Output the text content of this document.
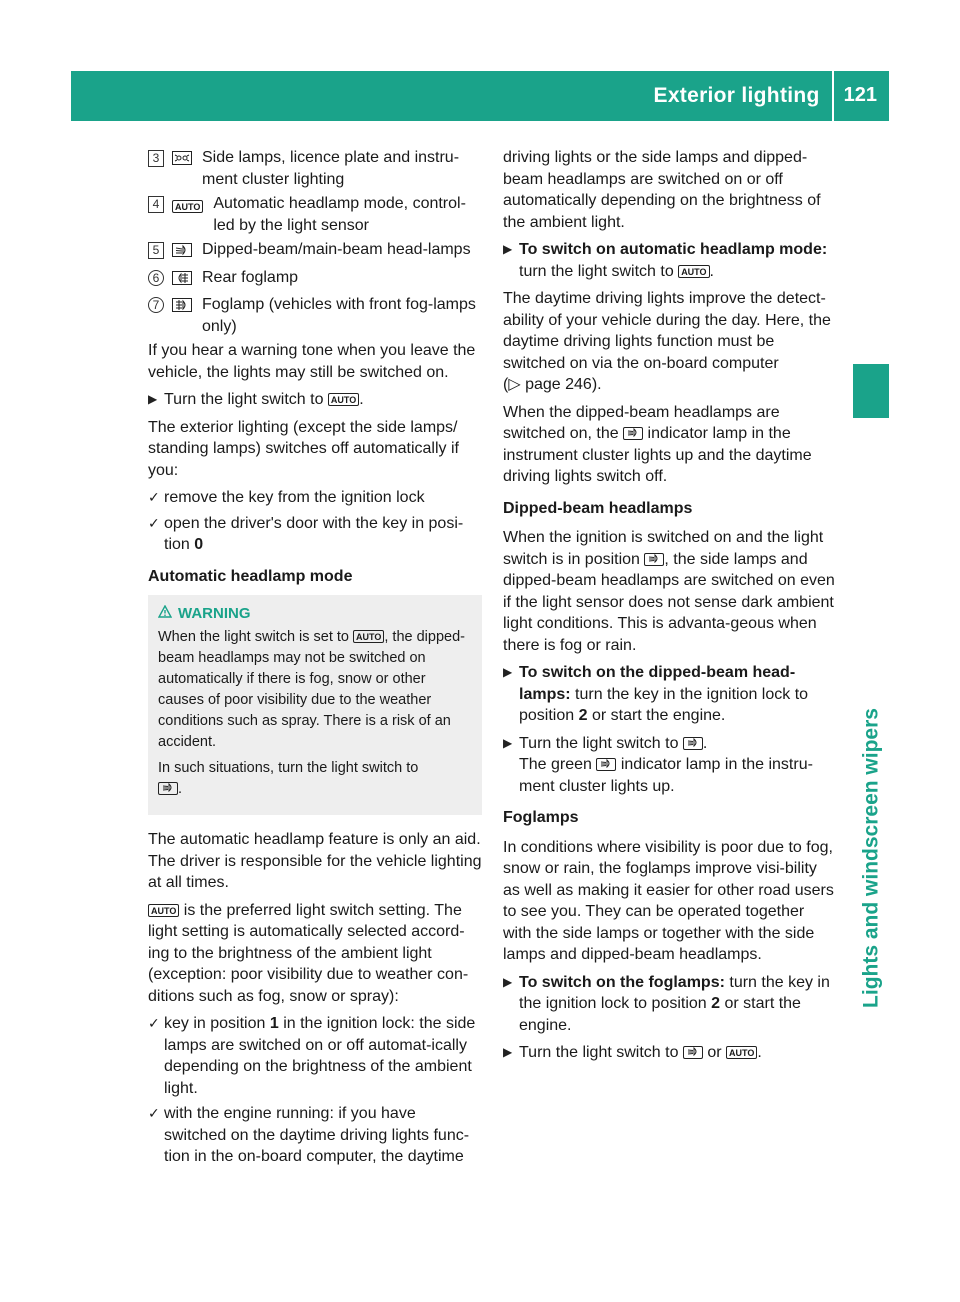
Exterior lighting	121
Lights and windscreen wipers
3	Side lamps, licence plate and instru-ment cluster lighting
4	AUTO Automatic headlamp mode, control-led by the light sensor
5	Dipped-beam/main-beam head-lamps
6	Rear foglamp
7	Foglamp (vehicles with front fog-lamps only)

If you hear a warning tone when you leave the vehicle, the lights may still be switched on.

▶ Turn the light switch to AUTO .

The exterior lighting (except the side lamps/ standing lamps) switches off automatically if you:

✓ remove the key from the ignition lock
✓ open the driver's door with the key in posi-tion 0
Automatic headlamp mode
WARNING

When the light switch is set to AUTO , the dipped-beam headlamps may not be switched on automatically if there is fog, snow or other causes of poor visibility due to the weather conditions such as spray. There is a risk of an accident.

In such situations, turn the light switch to
.

The automatic headlamp feature is only an aid. The driver is responsible for the vehicle lighting at all times.

AUTO is the preferred light switch setting. The light setting is automatically selected accord-ing to the brightness of the ambient light (exception: poor visibility due to weather con-ditions such as fog, snow or spray):

✓ key in position 1 in the ignition lock: the side lamps are switched on or off automat-ically depending on the brightness of the ambient light.
✓ with the engine running: if you have switched on the daytime driving lights func-tion in the on-board computer, the daytime

driving lights or the side lamps and dipped-beam headlamps are switched on or off automatically depending on the brightness of the ambient light.

▶ To switch on automatic headlamp mode: turn the light switch to AUTO .

The daytime driving lights improve the detect-ability of your vehicle during the day. Here, the daytime driving lights function must be switched on via the on-board computer
(▷ page 246).

When the dipped-beam headlamps are switched on, the  indicator lamp in the instrument cluster lights up and the daytime driving lights switch off.

Dipped-beam headlamps

When the ignition is switched on and the light switch is in position , the side lamps and dipped-beam headlamps are switched on even if the light sensor does not sense dark ambient light conditions. This is advanta-geous when there is fog or rain.

▶ To switch on the dipped-beam head-lamps: turn the key in the ignition lock to position 2 or start the engine.
▶ Turn the light switch to .
The green  indicator lamp in the instru-ment cluster lights up.
Foglamps

In conditions where visibility is poor due to fog, snow or rain, the foglamps improve visi-bility as well as making it easier for other road users to see you. They can be operated together with the side lamps or together with the side lamps and dipped-beam headlamps.

▶ To switch on the foglamps: turn the key in the ignition lock to position 2 or start the engine.
▶ Turn the light switch to  or AUTO .
